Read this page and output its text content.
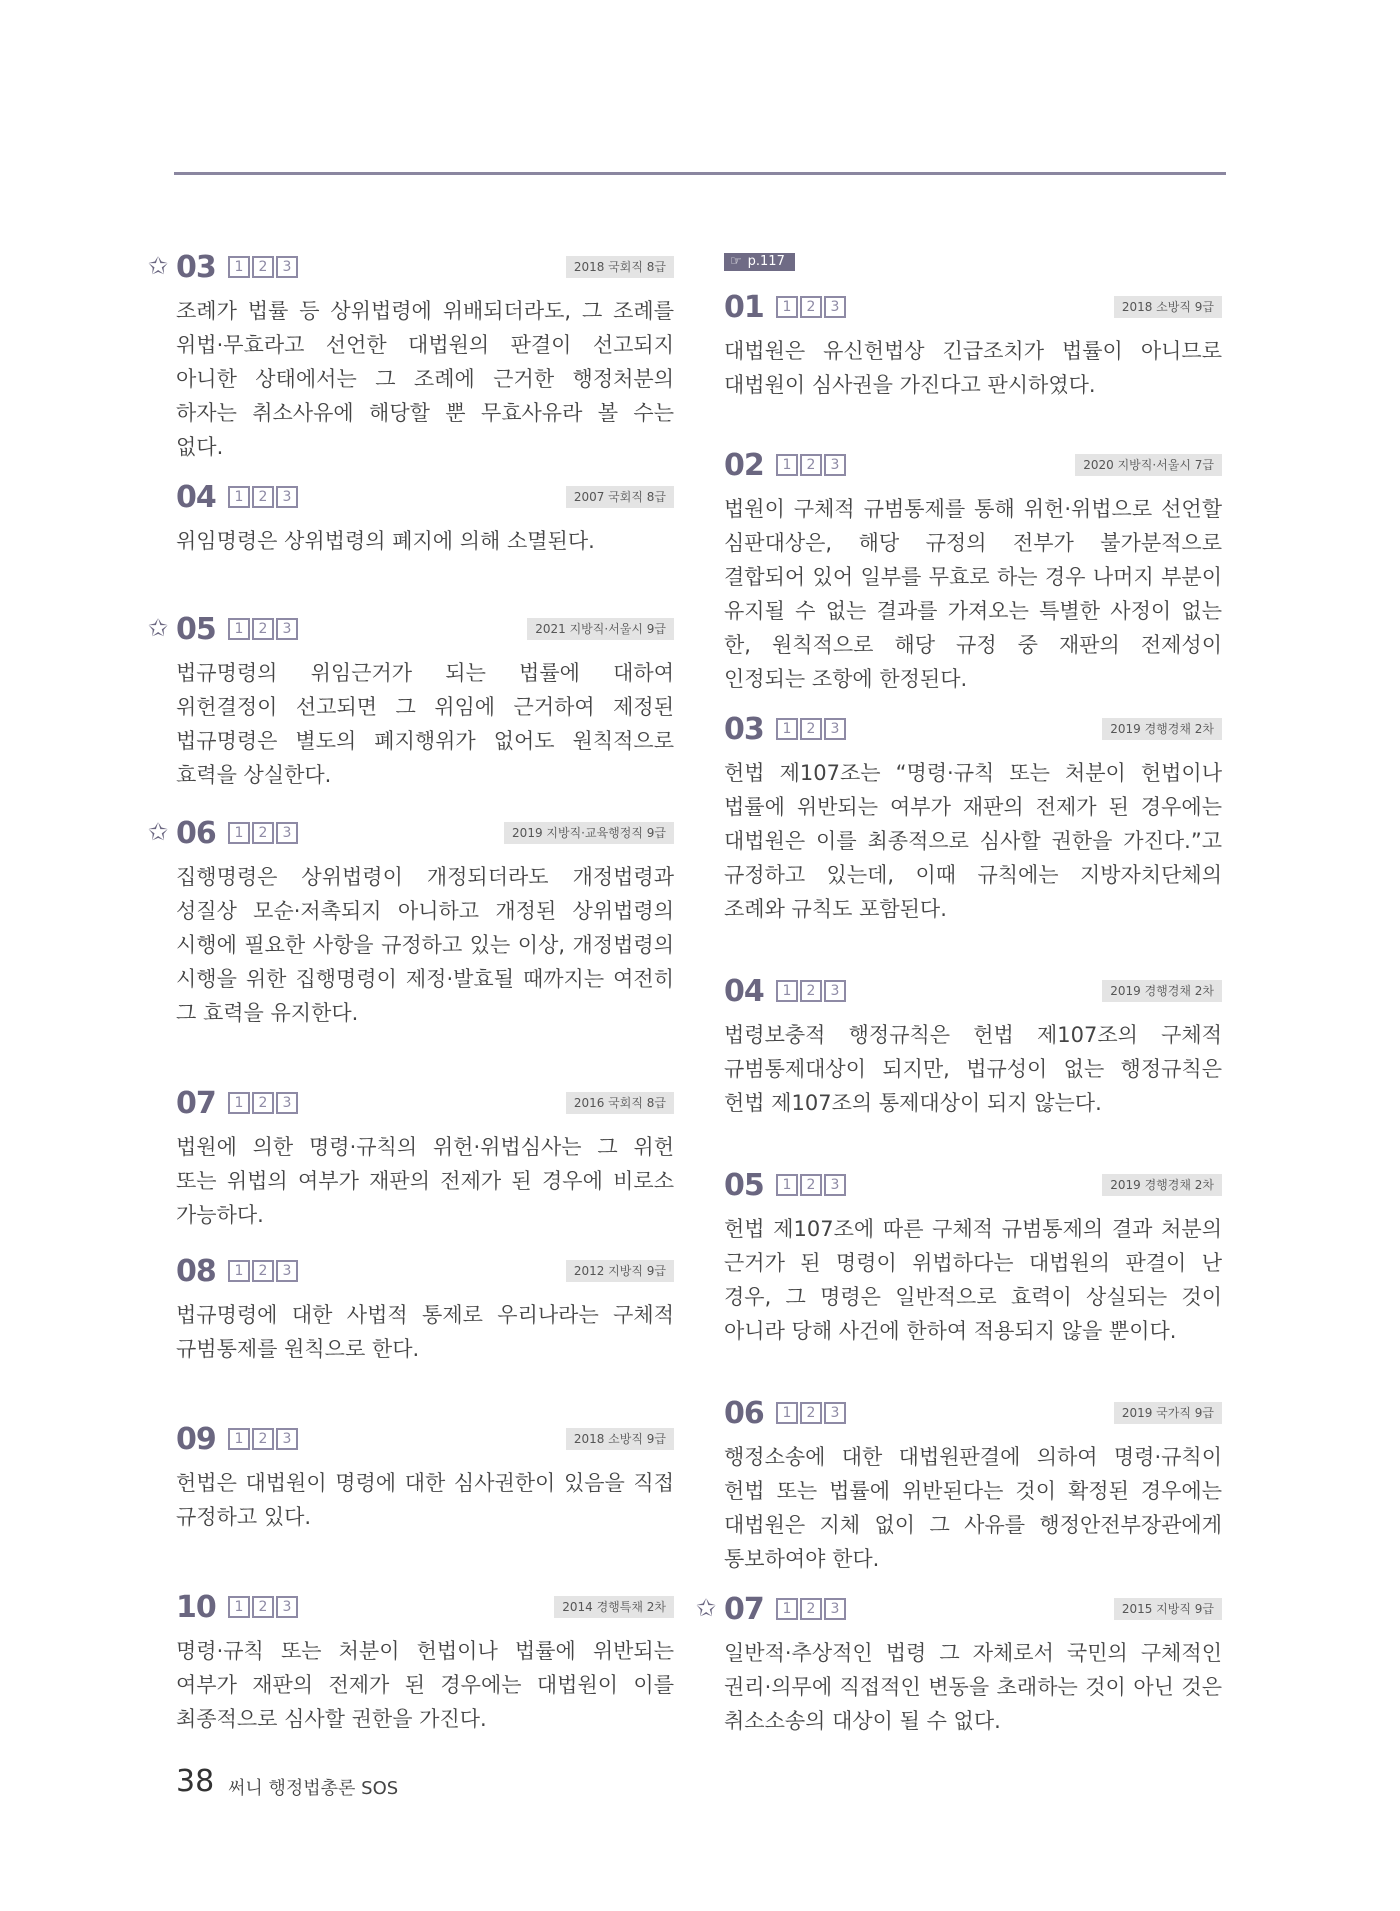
✩ 03	1	2	3	2018 국회직 8급
조례가 법률 등 상위법령에 위배되더라도, 그 조례를 위법·무효라고 선언한 대법원의 판결이 선고되지 아니한 상태에서는 그 조례에 근거한 행정처분의 하자는 취소사유에 해당할 뿐 무효사유라 볼 수는 없다.
04	1	2	3	2007 국회직 8급
위임명령은 상위법령의 폐지에 의해 소멸된다.
✩ 05	1	2	3	2021 지방직·서울시 9급
법규명령의 위임근거가 되는 법률에 대하여 위헌결정이 선고되면 그 위임에 근거하여 제정된 법규명령은 별도의 폐지행위가 없어도 원칙적으로 효력을 상실한다.
✩ 06	1	2	3	2019 지방직·교육행정직 9급
집행명령은 상위법령이 개정되더라도 개정법령과 성질상 모순·저촉되지 아니하고 개정된 상위법령의 시행에 필요한 사항을 규정하고 있는 이상, 개정법령의 시행을 위한 집행명령이 제정·발효될 때까지는 여전히 그 효력을 유지한다.
07	1	2	3	2016 국회직 8급
법원에 의한 명령·규칙의 위헌·위법심사는 그 위헌 또는 위법의 여부가 재판의 전제가 된 경우에 비로소 가능하다.
08	1	2	3	2012 지방직 9급
법규명령에 대한 사법적 통제로 우리나라는 구체적 규범통제를 원칙으로 한다.
09	1	2	3	2018 소방직 9급
헌법은 대법원이 명령에 대한 심사권한이 있음을 직접 규정하고 있다.
10	1	2	3	2014 경행특채 2차
명령·규칙 또는 처분이 헌법이나 법률에 위반되는 여부가 재판의 전제가 된 경우에는 대법원이 이를 최종적으로 심사할 권한을 가진다.
☞ p.117
01	1	2	3	2018 소방직 9급
대법원은 유신헌법상 긴급조치가 법률이 아니므로 대법원이 심사권을 가진다고 판시하였다.
02	1	2	3	2020 지방직·서울시 7급
법원이 구체적 규범통제를 통해 위헌·위법으로 선언할 심판대상은, 해당 규정의 전부가 불가분적으로 결합되어 있어 일부를 무효로 하는 경우 나머지 부분이 유지될 수 없는 결과를 가져오는 특별한 사정이 없는 한, 원칙적으로 해당 규정 중 재판의 전제성이 인정되는 조항에 한정된다.
03	1	2	3	2019 경행경채 2차
헌법 제107조는 “명령·규칙 또는 처분이 헌법이나 법률에 위반되는 여부가 재판의 전제가 된 경우에는 대법원은 이를 최종적으로 심사할 권한을 가진다.”고 규정하고 있는데, 이때 규칙에는 지방자치단체의 조례와 규칙도 포함된다.
04	1	2	3	2019 경행경채 2차
법령보충적 행정규칙은 헌법 제107조의 구체적 규범통제대상이 되지만, 법규성이 없는 행정규칙은 헌법 제107조의 통제대상이 되지 않는다.
05	1	2	3	2019 경행경채 2차
헌법 제107조에 따른 구체적 규범통제의 결과 처분의 근거가 된 명령이 위법하다는 대법원의 판결이 난 경우, 그 명령은 일반적으로 효력이 상실되는 것이 아니라 당해 사건에 한하여 적용되지 않을 뿐이다.
06	1	2	3	2019 국가직 9급
행정소송에 대한 대법원판결에 의하여 명령·규칙이 헌법 또는 법률에 위반된다는 것이 확정된 경우에는 대법원은 지체 없이 그 사유를 행정안전부장관에게 통보하여야 한다.
✩ 07	1	2	3	2015 지방직 9급
일반적·추상적인 법령 그 자체로서 국민의 구체적인 권리·의무에 직접적인 변동을 초래하는 것이 아닌 것은 취소소송의 대상이 될 수 없다.
38 써니 행정법총론 SOS
